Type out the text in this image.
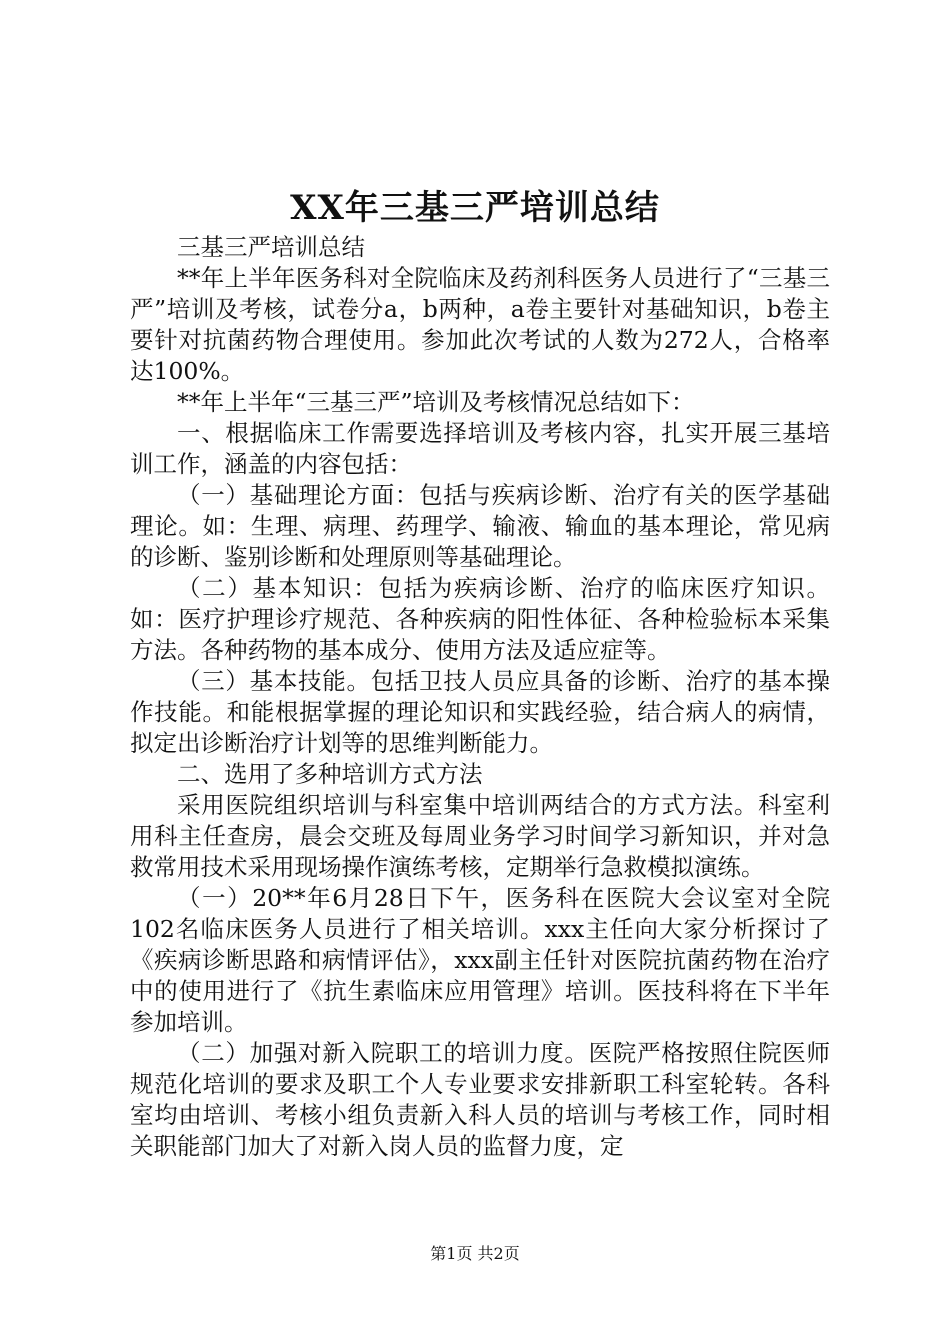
XX年三基三严培训总结

三基三严培训总结

**年上半年医务科对全院临床及药剂科医务人员进行了“三基三严”培训及考核，试卷分a，b两种，a卷主要针对基础知识，b卷主要针对抗菌药物合理使用。参加此次考试的人数为272人，合格率达100%。

**年上半年“三基三严”培训及考核情况总结如下：

一、根据临床工作需要选择培训及考核内容，扎实开展三基培训工作，涵盖的内容包括：

（一）基础理论方面：包括与疾病诊断、治疗有关的医学基础理论。如：生理、病理、药理学、输液、输血的基本理论，常见病的诊断、鉴别诊断和处理原则等基础理论。

（二）基本知识：包括为疾病诊断、治疗的临床医疗知识。如：医疗护理诊疗规范、各种疾病的阳性体征、各种检验标本采集方法。各种药物的基本成分、使用方法及适应症等。

（三）基本技能。包括卫技人员应具备的诊断、治疗的基本操作技能。和能根据掌握的理论知识和实践经验，结合病人的病情，拟定出诊断治疗计划等的思维判断能力。

二、选用了多种培训方式方法

采用医院组织培训与科室集中培训两结合的方式方法。科室利用科主任查房，晨会交班及每周业务学习时间学习新知识，并对急救常用技术采用现场操作演练考核，定期举行急救模拟演练。

（一）20**年6月28日下午，医务科在医院大会议室对全院102名临床医务人员进行了相关培训。xxx主任向大家分析探讨了《疾病诊断思路和病情评估》，xxx副主任针对医院抗菌药物在治疗中的使用进行了《抗生素临床应用管理》培训。医技科将在下半年参加培训。

（二）加强对新入院职工的培训力度。医院严格按照住院医师规范化培训的要求及职工个人专业要求安排新职工科室轮转。各科室均由培训、考核小组负责新入科人员的培训与考核工作，同时相关职能部门加大了对新入岗人员的监督力度，定

第1页 共2页
